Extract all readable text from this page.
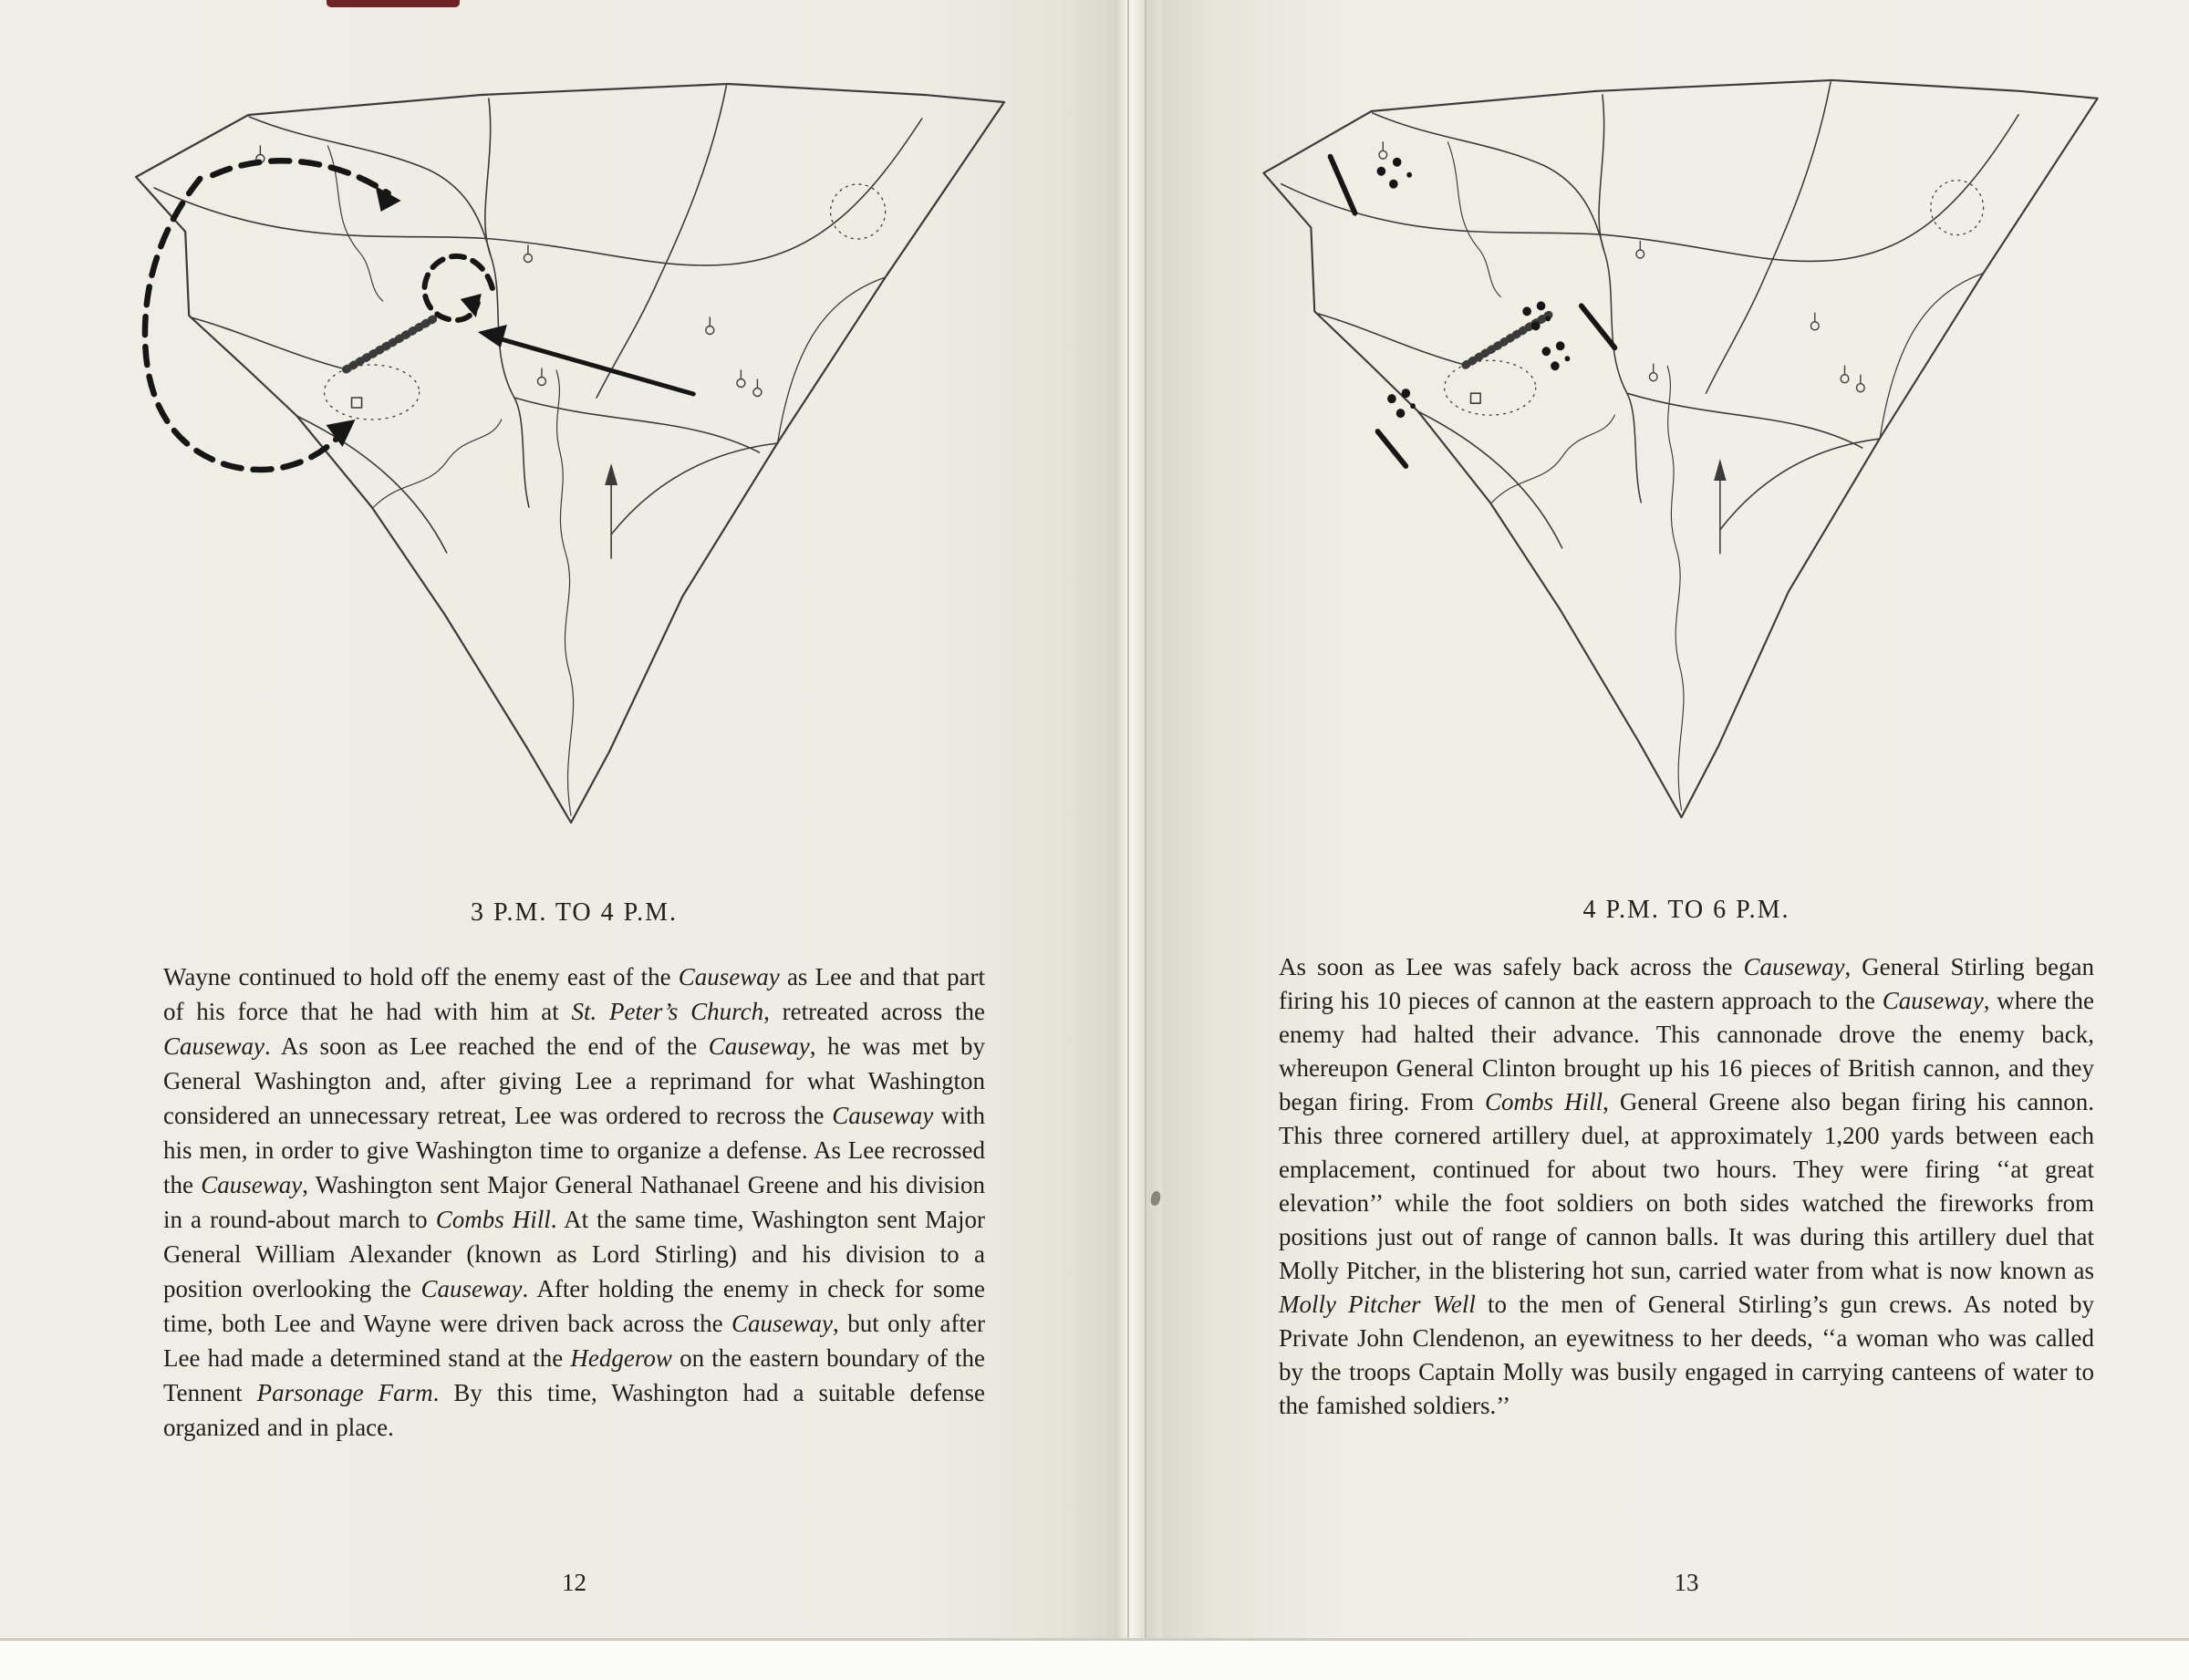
3 P.M. TO 4 P.M.	4 P.M. TO 6 P.M.
Wayne continued to hold off the enemy east of the Causeway as Lee and that part of his force that he had with him at St. Peter’s Church, retreated across the Causeway. As soon as Lee reached the end of the Causeway, he was met by General Washington and, after giving Lee a reprimand for what Washington considered an unnecessary retreat, Lee was ordered to recross the Causeway with his men, in order to give Washington time to organize a defense. As Lee recrossed the Causeway, Washington sent Major General Nathanael Greene and his division in a round-about march to Combs Hill. At the same time, Washington sent Major General William Alexander (known as Lord Stirling) and his division to a position overlooking the Causeway. After holding the enemy in check for some time, both Lee and Wayne were driven back across the Causeway, but only after Lee had made a determined stand at the Hedgerow on the eastern boundary of the Tennent Parsonage Farm. By this time, Washington had a suitable defense organized and in place.
As soon as Lee was safely back across the Causeway, General Stirling began firing his 10 pieces of cannon at the eastern approach to the Causeway, where the enemy had halted their advance. This cannonade drove the enemy back, whereupon General Clinton brought up his 16 pieces of British cannon, and they began firing. From Combs Hill, General Greene also began firing his cannon. This three cornered artillery duel, at approximately 1,200 yards between each emplacement, continued for about two hours. They were firing ‘‘at great elevation’’ while the foot soldiers on both sides watched the fireworks from positions just out of range of cannon balls. It was during this artillery duel that Molly Pitcher, in the blistering hot sun, carried water from what is now known as Molly Pitcher Well to the men of General Stirling’s gun crews. As noted by Private John Clendenon, an eyewitness to her deeds, ‘‘a woman who was called by the troops Captain Molly was busily engaged in carrying canteens of water to the famished soldiers.’’
12	13
